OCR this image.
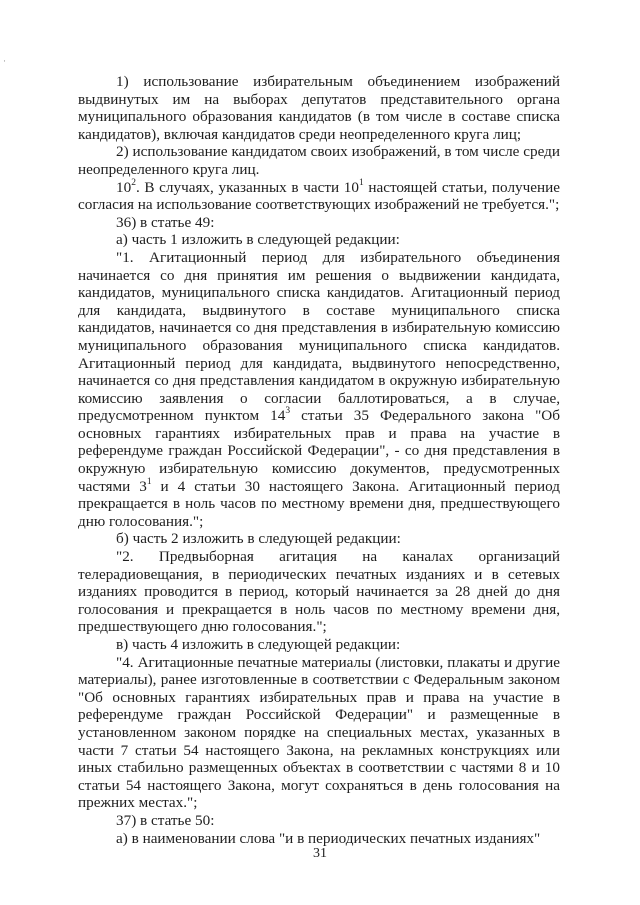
·

1) использование избирательным объединением изображений выдвинутых им на выборах депутатов представительного органа муниципального образования кандидатов (в том числе в составе списка кандидатов), включая кандидатов среди неопределенного круга лиц;

2) использование кандидатом своих изображений, в том числе среди неопределенного круга лиц.

$10^2$. В случаях, указанных в части $10^1$ настоящей статьи, получение согласия на использование соответствующих изображений не требуется.";

36) в статье 49:

а) часть 1 изложить в следующей редакции:

"1. Агитационный период для избирательного объединения начинается со дня принятия им решения о выдвижении кандидата, кандидатов, муниципального списка кандидатов. Агитационный период для кандидата, выдвинутого в составе муниципального списка кандидатов, начинается со дня представления в избирательную комиссию муниципального образования муниципального списка кандидатов. Агитационный период для кандидата, выдвинутого непосредственно, начинается со дня представления кандидатом в окружную избирательную комиссию заявления о согласии баллотироваться, а в случае, предусмотренном пунктом $14^3$ статьи 35 Федерального закона "Об основных гарантиях избирательных прав и права на участие в референдуме граждан Российской Федерации", - со дня представления в окружную избирательную комиссию документов, предусмотренных частями $3^1$ и 4 статьи 30 настоящего Закона. Агитационный период прекращается в ноль часов по местному времени дня, предшествующего дню голосования.";

б) часть 2 изложить в следующей редакции:

"2. Предвыборная агитация на каналах организаций телерадиовещания, в периодических печатных изданиях и в сетевых изданиях проводится в период, который начинается за 28 дней до дня голосования и прекращается в ноль часов по местному времени дня, предшествующего дню голосования.";

в) часть 4 изложить в следующей редакции:

"4. Агитационные печатные материалы (листовки, плакаты и другие материалы), ранее изготовленные в соответствии с Федеральным законом "Об основных гарантиях избирательных прав и права на участие в референдуме граждан Российской Федерации" и размещенные в установленном законом порядке на специальных местах, указанных в части 7 статьи 54 настоящего Закона, на рекламных конструкциях или иных стабильно размещенных объектах в соответствии с частями 8 и 10 статьи 54 настоящего Закона, могут сохраняться в день голосования на прежних местах.";

37) в статье 50:

а) в наименовании слова "и в периодических печатных изданиях"

31
